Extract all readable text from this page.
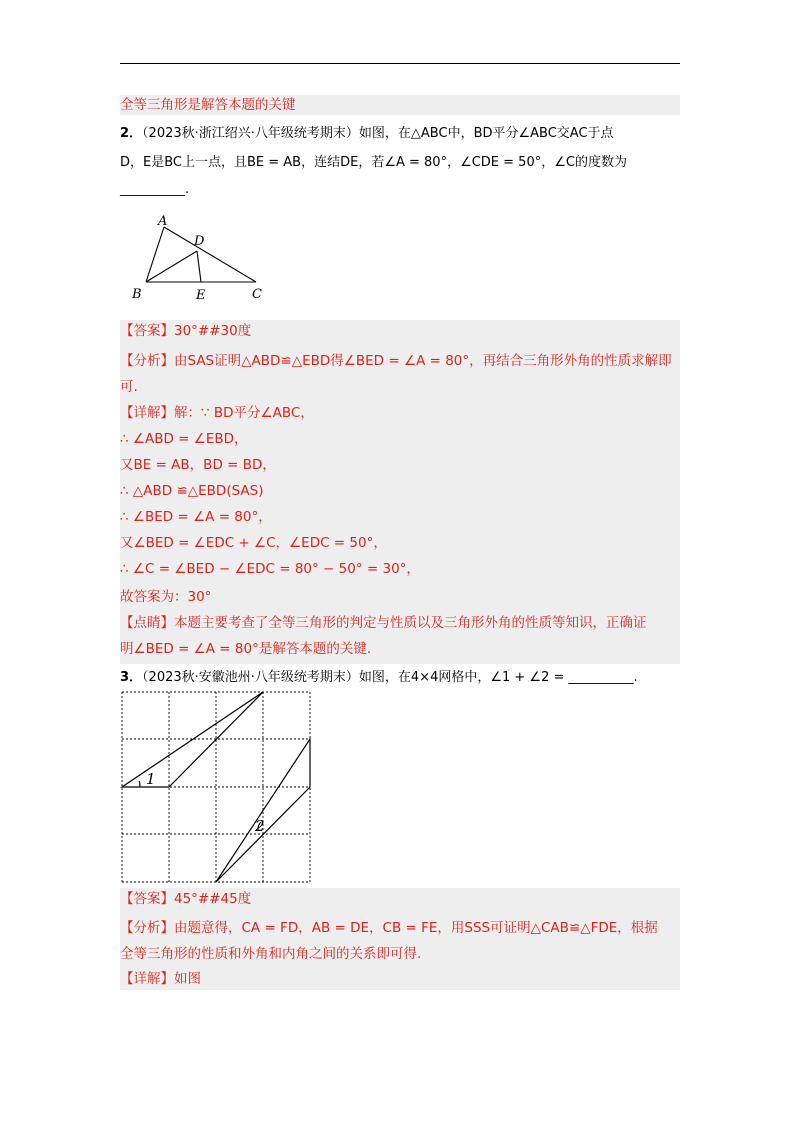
全等三角形是解答本题的关键
2．（2023秋·浙江绍兴·八年级统考期末）如图，在△ABC中，BD平分∠ABC交AC于点
D，E是BC上一点，且BE = AB，连结DE，若∠A = 80°，∠CDE = 50°，∠C的度数为
__________.
A
D
B	E	C
【答案】30°##30度
【分析】由SAS证明△ABD≌△EBD得∠BED = ∠A = 80°，再结合三角形外角的性质求解即
可.
【详解】解：∵ BD平分∠ABC，
∴ ∠ABD = ∠EBD，
又BE = AB，BD = BD，
∴ △ABD ≌△EBD(SAS)
∴ ∠BED = ∠A = 80°，
又∠BED = ∠EDC + ∠C，∠EDC = 50°，
∴ ∠C = ∠BED − ∠EDC = 80° − 50° = 30°，
故答案为：30°
【点睛】本题主要考查了全等三角形的判定与性质以及三角形外角的性质等知识，正确证
明∠BED = ∠A = 80°是解答本题的关键.
3．（2023秋·安徽池州·八年级统考期末）如图，在4×4网格中，∠1 + ∠2 = __________.
1
2
【答案】45°##45度
【分析】由题意得，CA = FD，AB = DE，CB = FE，用SSS可证明△CAB≌△FDE，根据
全等三角形的性质和外角和内角之间的关系即可得.
【详解】如图
